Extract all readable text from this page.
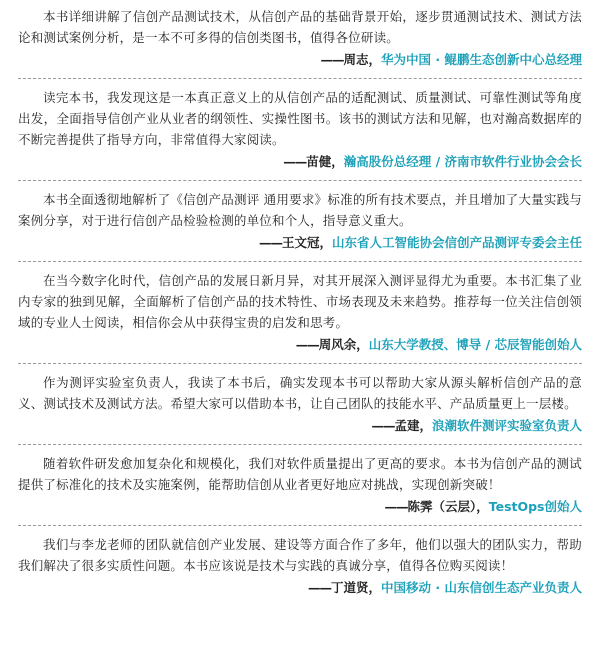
本书详细讲解了信创产品测试技术，从信创产品的基础背景开始，逐步贯通测试技术、测试方法论和测试案例分析，是一本不可多得的信创类图书，值得各位研读。

——周志，华为中国 · 鲲鹏生态创新中心总经理

读完本书，我发现这是一本真正意义上的从信创产品的适配测试、质量测试、可靠性测试等角度出发，全面指导信创产业从业者的纲领性、实操性图书。该书的测试方法和见解，也对瀚高数据库的不断完善提供了指导方向，非常值得大家阅读。

——苗健，瀚高股份总经理 / 济南市软件行业协会会长

本书全面透彻地解析了《信创产品测评 通用要求》标准的所有技术要点，并且增加了大量实践与案例分享，对于进行信创产品检验检测的单位和个人，指导意义重大。

——王文冠，山东省人工智能协会信创产品测评专委会主任

在当今数字化时代，信创产品的发展日新月异，对其开展深入测评显得尤为重要。本书汇集了业内专家的独到见解，全面解析了信创产品的技术特性、市场表现及未来趋势。推荐每一位关注信创领域的专业人士阅读，相信你会从中获得宝贵的启发和思考。

——周风余，山东大学教授、博导 / 芯辰智能创始人

作为测评实验室负责人，我读了本书后，确实发现本书可以帮助大家从源头解析信创产品的意义、测试技术及测试方法。希望大家可以借助本书，让自己团队的技能水平、产品质量更上一层楼。

——孟建，浪潮软件测评实验室负责人

随着软件研发愈加复杂化和规模化，我们对软件质量提出了更高的要求。本书为信创产品的测试提供了标准化的技术及实施案例，能帮助信创从业者更好地应对挑战，实现创新突破！

——陈霁（云层），TestOps创始人

我们与李龙老师的团队就信创产业发展、建设等方面合作了多年，他们以强大的团队实力，帮助我们解决了很多实质性问题。本书应该说是技术与实践的真诚分享，值得各位购买阅读！

——丁道贤，中国移动 · 山东信创生态产业负责人
